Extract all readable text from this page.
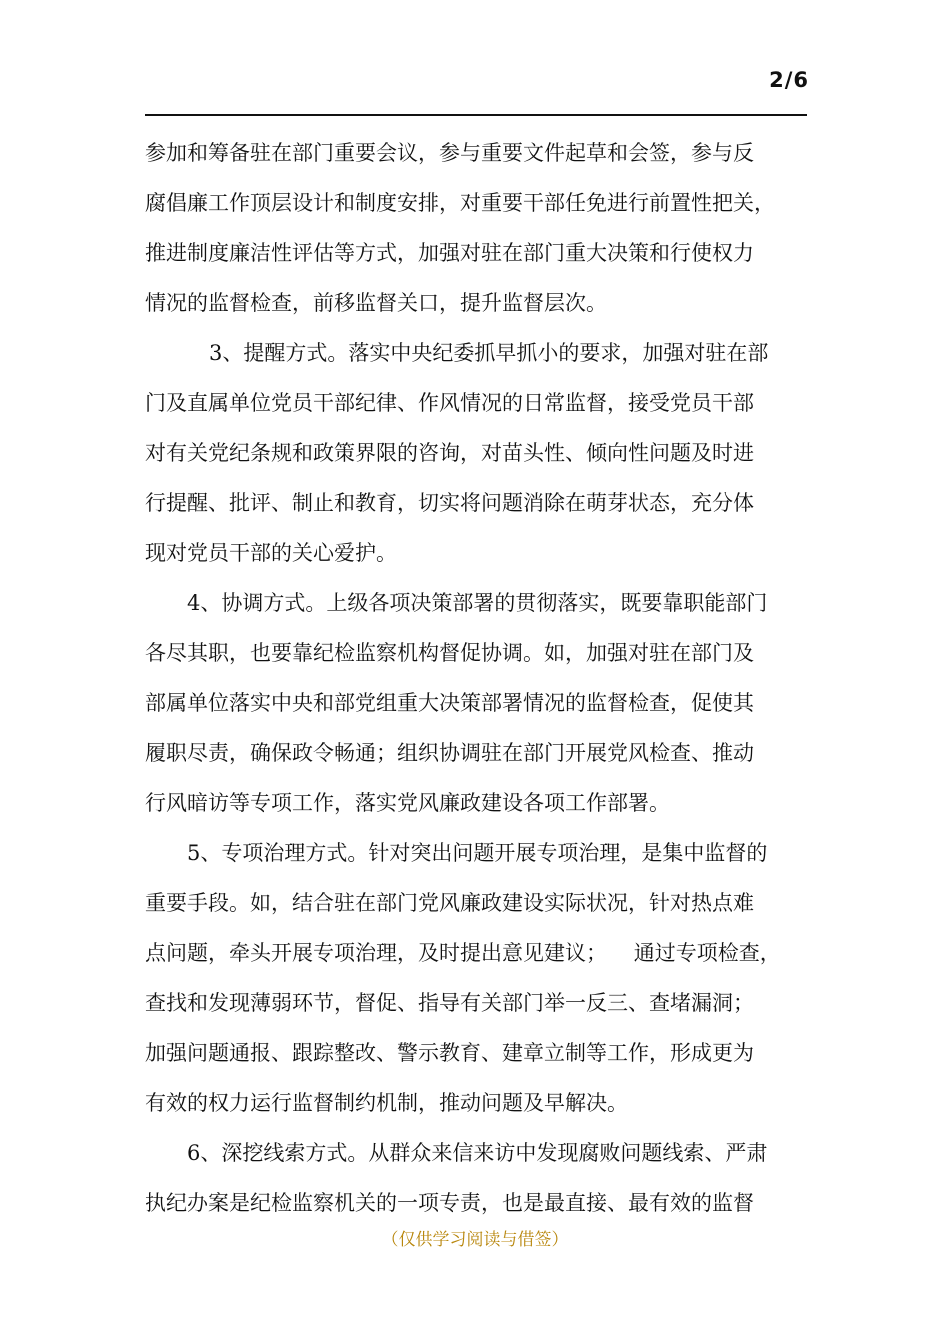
2/6
参加和筹备驻在部门重要会议，参与重要文件起草和会签，参与反
腐倡廉工作顶层设计和制度安排，对重要干部任免进行前置性把关，
推进制度廉洁性评估等方式，加强对驻在部门重大决策和行使权力
情况的监督检查，前移监督关口，提升监督层次。
3、提醒方式。落实中央纪委抓早抓小的要求，加强对驻在部
门及直属单位党员干部纪律、作风情况的日常监督，接受党员干部
对有关党纪条规和政策界限的咨询，对苗头性、倾向性问题及时进
行提醒、批评、制止和教育，切实将问题消除在萌芽状态，充分体
现对党员干部的关心爱护。
4、协调方式。上级各项决策部署的贯彻落实，既要靠职能部门
各尽其职，也要靠纪检监察机构督促协调。如，加强对驻在部门及
部属单位落实中央和部党组重大决策部署情况的监督检查，促使其
履职尽责，确保政令畅通；组织协调驻在部门开展党风检查、推动
行风暗访等专项工作，落实党风廉政建设各项工作部署。
5、专项治理方式。针对突出问题开展专项治理，是集中监督的
重要手段。如，结合驻在部门党风廉政建设实际状况，针对热点难
点问题，牵头开展专项治理，及时提出意见建议；    通过专项检查，
查找和发现薄弱环节，督促、指导有关部门举一反三、查堵漏洞；
加强问题通报、跟踪整改、警示教育、建章立制等工作，形成更为
有效的权力运行监督制约机制，推动问题及早解决。
6、深挖线索方式。从群众来信来访中发现腐败问题线索、严肃
执纪办案是纪检监察机关的一项专责，也是最直接、最有效的监督
（仅供学习阅读与借签）
